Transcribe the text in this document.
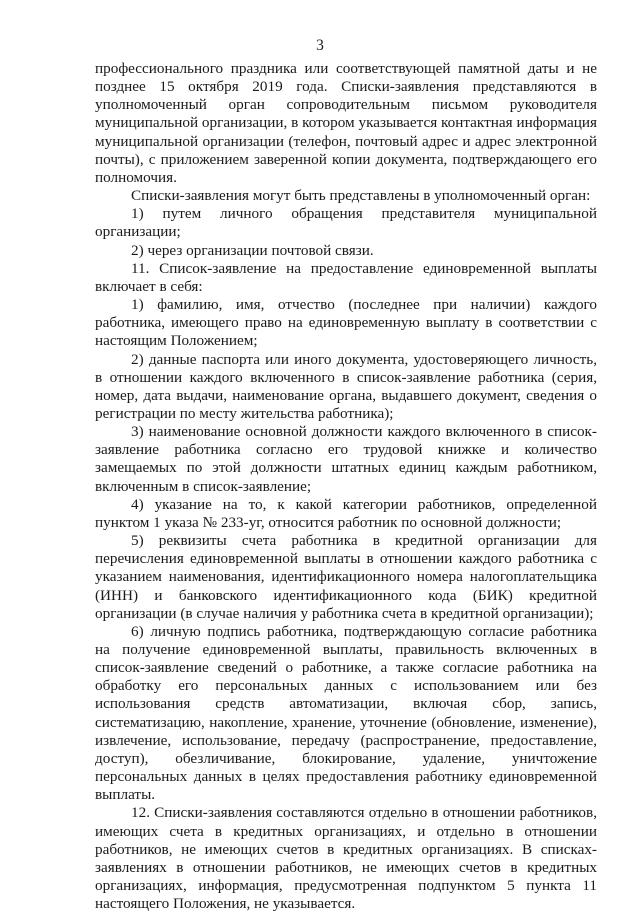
3

профессионального праздника или соответствующей памятной даты и не позднее 15 октября 2019 года. Списки-заявления представляются в уполномоченный орган сопроводительным письмом руководителя муниципальной организации, в котором указывается контактная информация муниципальной организации (телефон, почтовый адрес и адрес электронной почты), с приложением заверенной копии документа, подтверждающего его полномочия.

Списки-заявления могут быть представлены в уполномоченный орган:

1) путем личного обращения представителя муниципальной организации;

2) через организации почтовой связи.

11. Список-заявление на предоставление единовременной выплаты включает в себя:

1) фамилию, имя, отчество (последнее при наличии) каждого работника, имеющего право на единовременную выплату в соответствии с настоящим Положением;

2) данные паспорта или иного документа, удостоверяющего личность, в отношении каждого включенного в список-заявление работника (серия, номер, дата выдачи, наименование органа, выдавшего документ, сведения о регистрации по месту жительства работника);

3) наименование основной должности каждого включенного в список-заявление работника согласно его трудовой книжке и количество замещаемых по этой должности штатных единиц каждым работником, включенным в список-заявление;

4) указание на то, к какой категории работников, определенной пунктом 1 указа № 233-уг, относится работник по основной должности;

5) реквизиты счета работника в кредитной организации для перечисления единовременной выплаты в отношении каждого работника с указанием наименования, идентификационного номера налогоплательщика (ИНН) и банковского идентификационного кода (БИК) кредитной организации (в случае наличия у работника счета в кредитной организации);

6) личную подпись работника, подтверждающую согласие работника на получение единовременной выплаты, правильность включенных в список-заявление сведений о работнике, а также согласие работника на обработку его персональных данных с использованием или без использования средств автоматизации, включая сбор, запись, систематизацию, накопление, хранение, уточнение (обновление, изменение), извлечение, использование, передачу (распространение, предоставление, доступ), обезличивание, блокирование, удаление, уничтожение персональных данных в целях предоставления работнику единовременной выплаты.

12. Списки-заявления составляются отдельно в отношении работников, имеющих счета в кредитных организациях, и отдельно в отношении работников, не имеющих счетов в кредитных организациях. В списках-заявлениях в отношении работников, не имеющих счетов в кредитных организациях, информация, предусмотренная подпунктом 5 пункта 11 настоящего Положения, не указывается.
